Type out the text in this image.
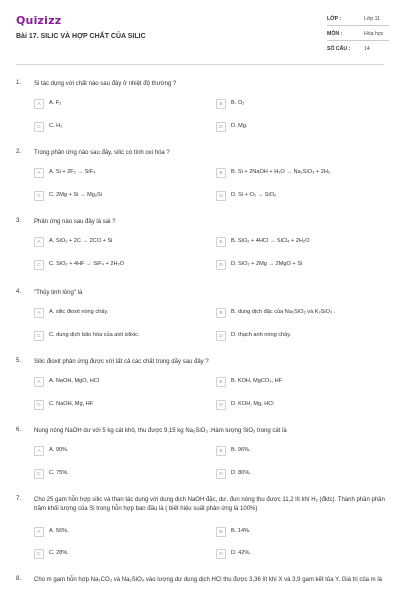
Quizizz
Bài 17. SILIC VÀ HỢP CHẤT CỦA SILIC
LỚP :	Lớp 11
MÔN :	Hóa học
SỐ CÂU :	14
1. Si tác dụng với chất nào sau đây ở nhiệt độ thường ?
A	A. F₂	B	B. O₂
C	C. H₂	D	D. Mg.
2. Trong phản ứng nào sau đây, silic có tính oxi hóa ?
A	A. Si + 2F₂ → SiF₄	B	B. Si + 2NaOH + H₂O → Na₂SiO₃ + 2H₂
C	C. 2Mg + Si → Mg₂Si	D	D. Si + O₂ → SiO₂
3. Phản ứng nào sau đây là sai ?
A	A. SiO₂ + 2C → 2CO + Si	B	B. SiO₂ + 4HCl → SiCl₄ + 2H₂O
C	C. SiO₂ + 4HF → SiF₄ + 2H₂O	D	D. SiO₂ + 2Mg → 2MgO + Si
4. "Thủy tinh lỏng" là
A	A. silic đioxit nóng chảy.	B	B. dung dịch đặc của Na₂SiO₃ và K₂SiO₃ .
C	C. dung dịch bão hòa của axit silixic.	D	D. thạch anh nóng chảy.
5. Silic đioxit phản ứng được với tất cả các chất trong dãy sau đây ?
A	A. NaOH, MgO, HCl	B	B. KOH, MgCO₃, HF
C	C. NaOH, Mg, HF	D	D. KOH, Mg, HCl
6. Nung nóng NaOH dư với 5 kg cát khô, thu được 9,15 kg Na₂SiO₃ .Hàm lượng SiO₂ trong cát là
A	A. 90%.	B	B. 96%.
C	C. 75%.	D	D. 80%.
7. Cho 25 gam hỗn hợp silic và than tác dụng với dung dịch NaOH đặc, dư, đun nóng thu được 11,2 lít khí H₂ (đktc). Thành phần phần trăm khối lượng của Si trong hỗn hợp ban đầu là ( biết hiệu suất phản ứng là 100%)
A	A. 56%.	B	B. 14%.
C	C. 28%.	D	D. 42%.
8. Cho m gam hỗn hợp Na₂CO₃ và Na₂SiO₃ vào lượng dư dung dịch HCl thu được 3,36 lít khí X và 3,9 gam kết tủa Y. Giá trị của m là
